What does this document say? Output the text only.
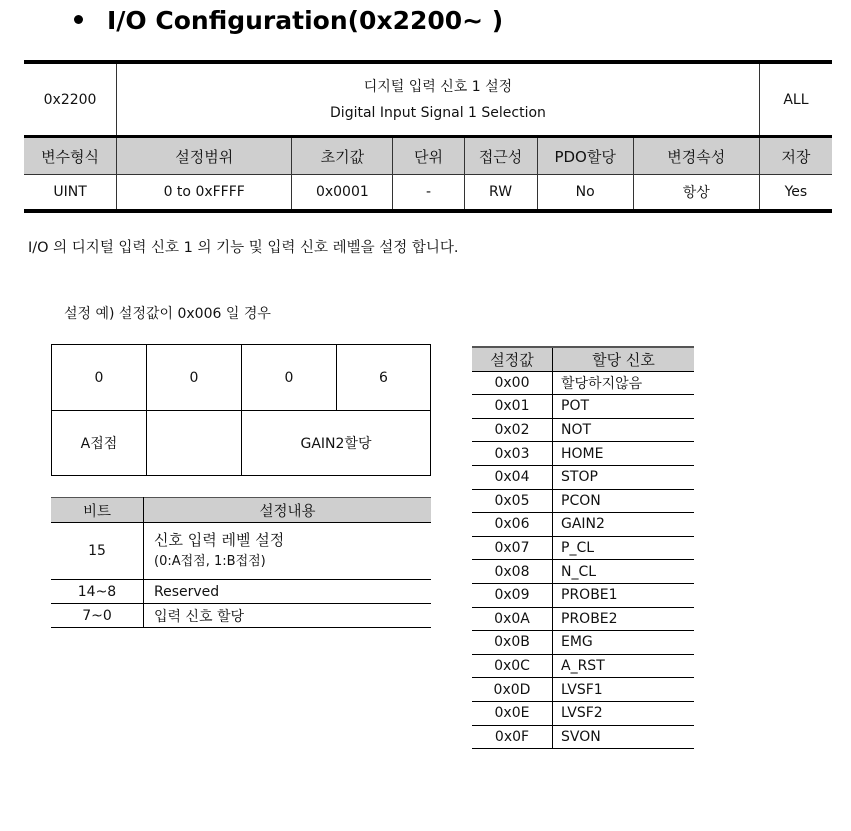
I/O Configuration(0x2200~ )
0x2200	디지털 입력 신호 1 설정
Digital Input Signal 1 Selection						ALL
변수형식	설정범위	초기값	단위	접근성	PDO할당	변경속성	저장
UINT	0 to 0xFFFF	0x0001	-	RW	No	항상	Yes
I/O 의 디지털 입력 신호 1 의 기능 및 입력 신호 레벨을 설정 합니다.
설정 예) 설정값이 0x006 일 경우
0	0	0	6
A접점		GAIN2할당	
비트	설정내용
15	신호 입력 레벨 설정
(0:A접점, 1:B접점)

14~8	Reserved
7~0	입력 신호 할당
설정값	할당 신호
0x00	할당하지않음
0x01	POT
0x02	NOT
0x03	HOME
0x04	STOP
0x05	PCON
0x06	GAIN2
0x07	P_CL
0x08	N_CL
0x09	PROBE1
0x0A	PROBE2
0x0B	EMG
0x0C	A_RST
0x0D	LVSF1
0x0E	LVSF2
0x0F	SVON
